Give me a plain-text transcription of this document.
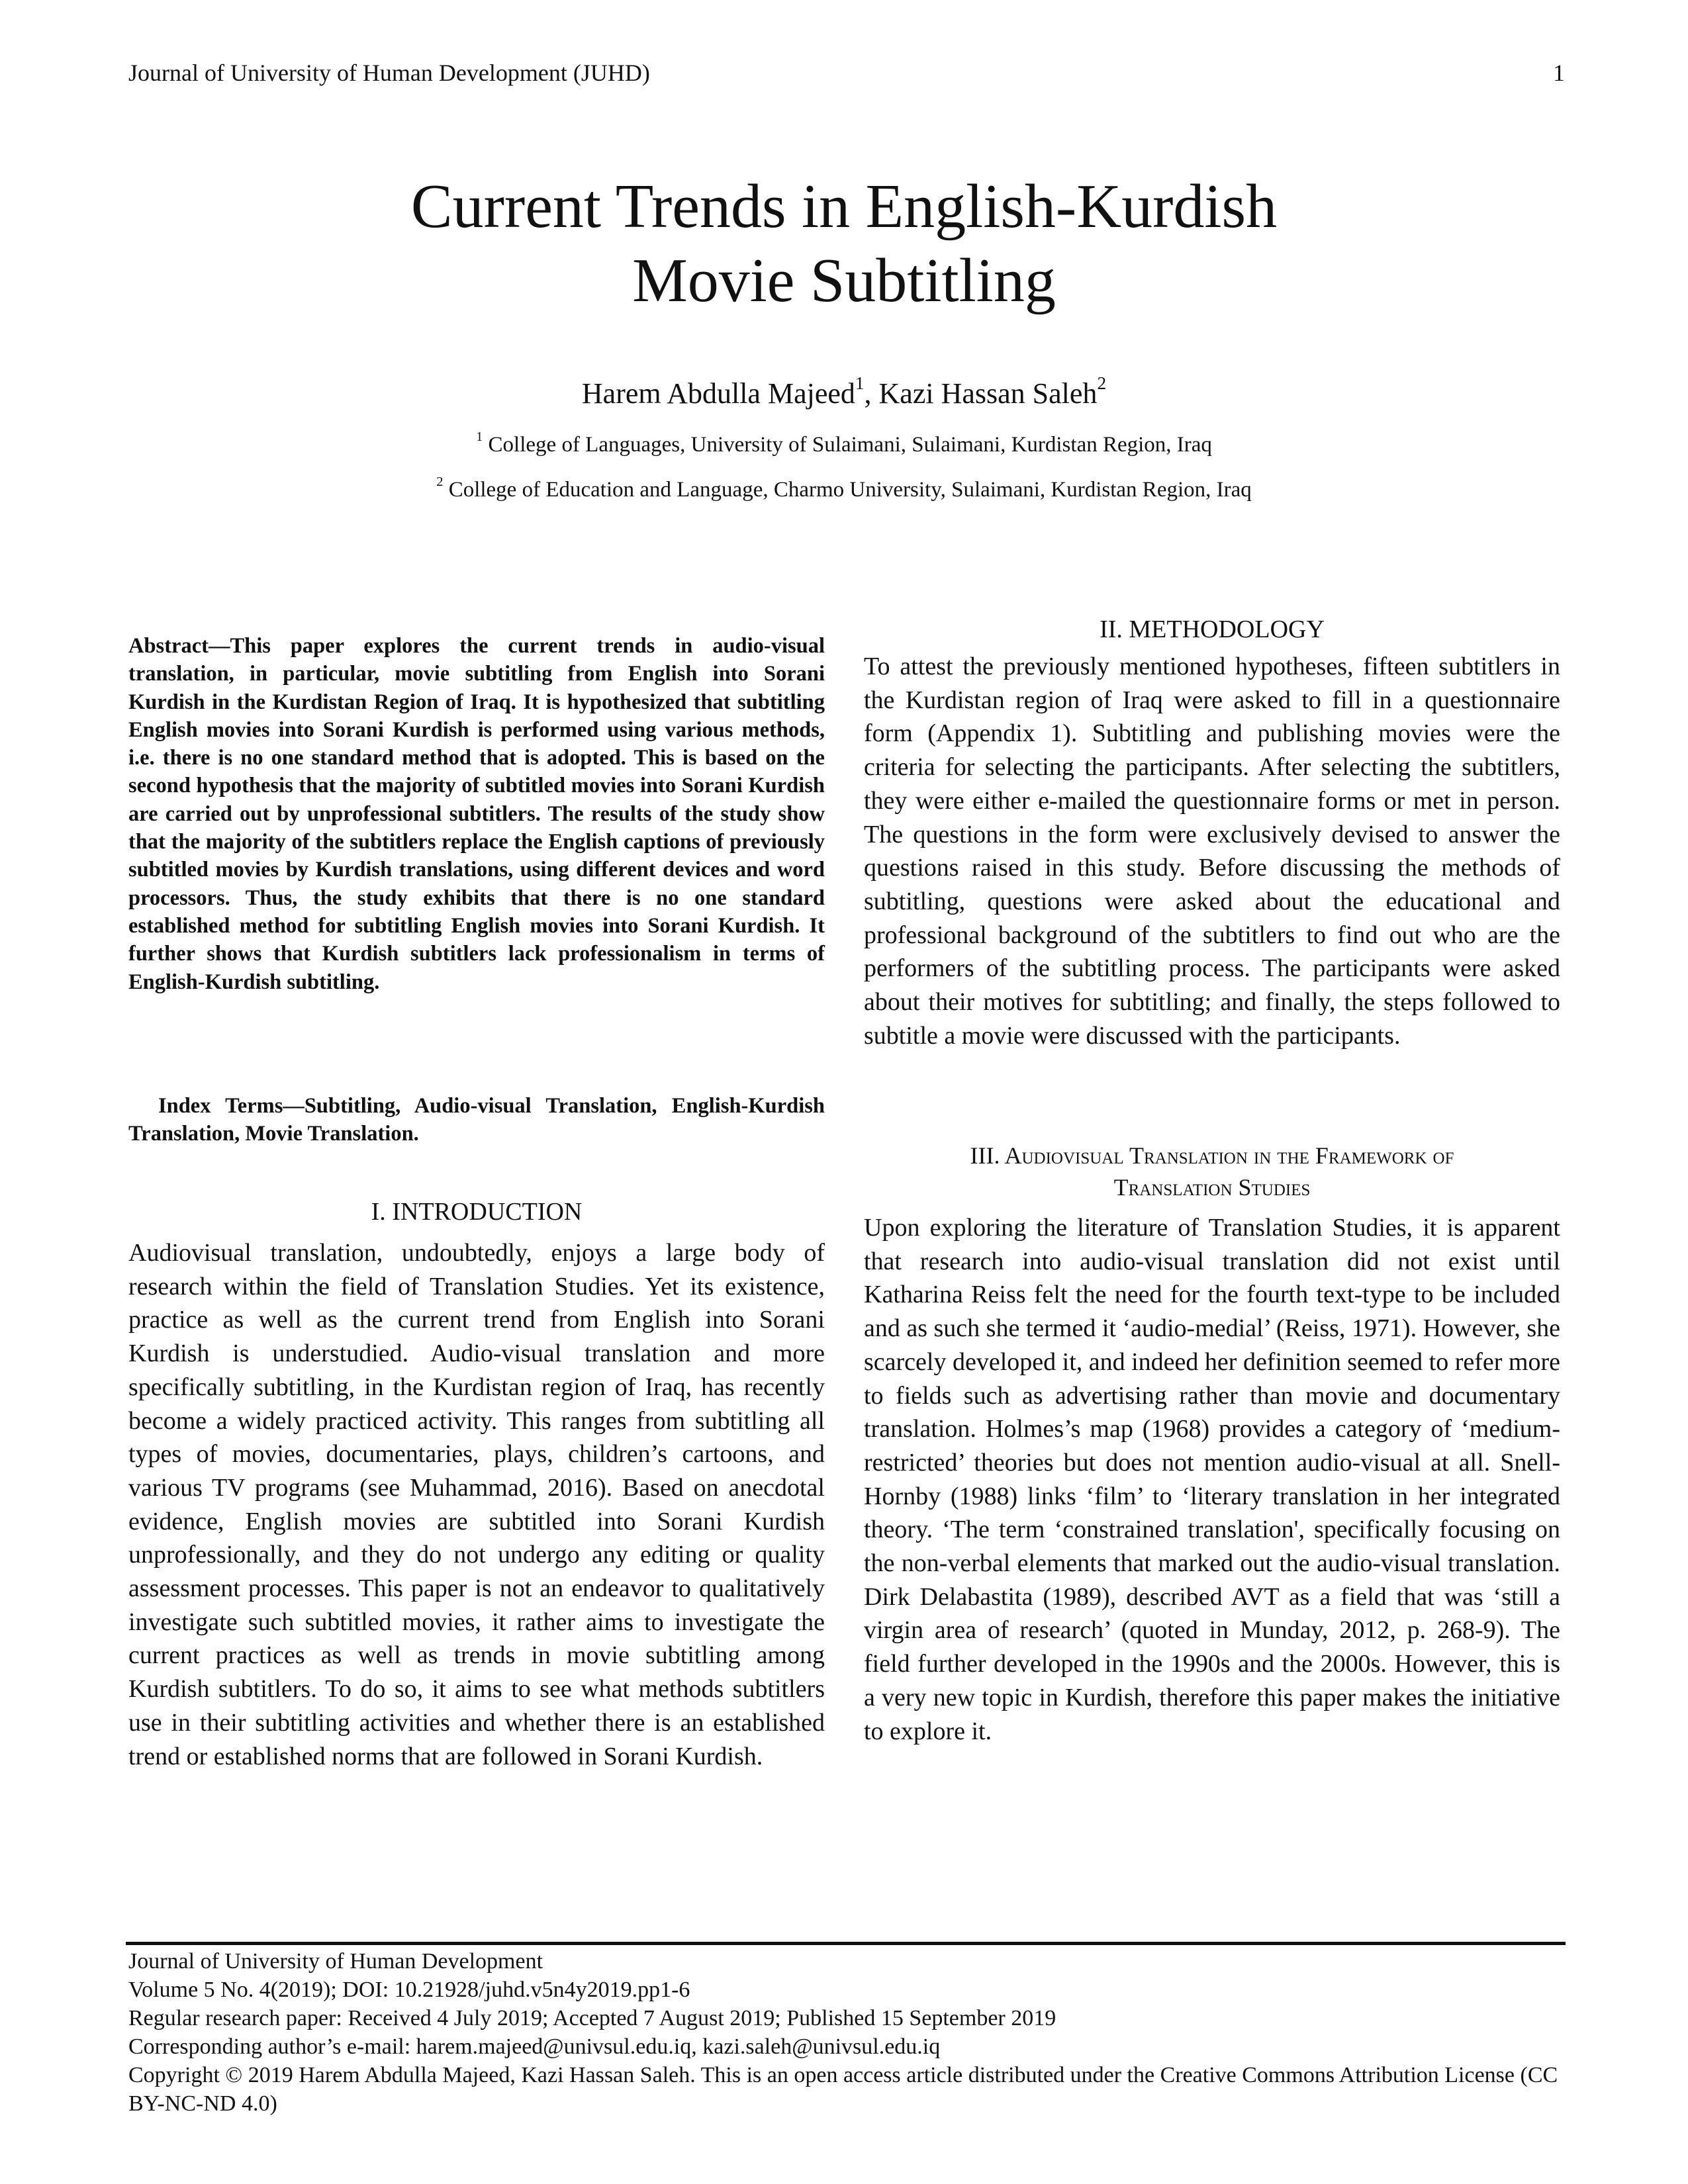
Journal of University of Human Development (JUHD)	1
Current Trends in English-Kurdish
Movie Subtitling
Harem Abdulla Majeed$^1$, Kazi Hassan Saleh$^2$
$^1$ College of Languages, University of Sulaimani, Sulaimani, Kurdistan Region, Iraq
$^2$ College of Education and Language, Charmo University, Sulaimani, Kurdistan Region, Iraq
Abstract—This paper explores the current trends in audio-visual translation, in particular, movie subtitling from English into Sorani Kurdish in the Kurdistan Region of Iraq. It is hypothesized that subtitling English movies into Sorani Kurdish is performed using various methods, i.e. there is no one standard method that is adopted. This is based on the second hypothesis that the majority of subtitled movies into Sorani Kurdish are carried out by unprofessional subtitlers. The results of the study show that the majority of the subtitlers replace the English captions of previously subtitled movies by Kurdish translations, using different devices and word processors. Thus, the study exhibits that there is no one standard established method for subtitling English movies into Sorani Kurdish. It further shows that Kurdish subtitlers lack professionalism in terms of English-Kurdish subtitling.
Index Terms—Subtitling, Audio-visual Translation, English-Kurdish Translation, Movie Translation.
I. INTRODUCTION
Audiovisual translation, undoubtedly, enjoys a large body of research within the field of Translation Studies. Yet its existence, practice as well as the current trend from English into Sorani Kurdish is understudied. Audio-visual translation and more specifically subtitling, in the Kurdistan region of Iraq, has recently become a widely practiced activity. This ranges from subtitling all types of movies, documentaries, plays, children’s cartoons, and various TV programs (see Muhammad, 2016). Based on anecdotal evidence, English movies are subtitled into Sorani Kurdish unprofessionally, and they do not undergo any editing or quality assessment processes. This paper is not an endeavor to qualitatively investigate such subtitled movies, it rather aims to investigate the current practices as well as trends in movie subtitling among Kurdish subtitlers. To do so, it aims to see what methods subtitlers use in their subtitling activities and whether there is an established trend or established norms that are followed in Sorani Kurdish.
II. METHODOLOGY
To attest the previously mentioned hypotheses, fifteen subtitlers in the Kurdistan region of Iraq were asked to fill in a questionnaire form (Appendix 1). Subtitling and publishing movies were the criteria for selecting the participants. After selecting the subtitlers, they were either e-mailed the questionnaire forms or met in person. The questions in the form were exclusively devised to answer the questions raised in this study. Before discussing the methods of subtitling, questions were asked about the educational and professional background of the subtitlers to find out who are the performers of the subtitling process. The participants were asked about their motives for subtitling; and finally, the steps followed to subtitle a movie were discussed with the participants.
III. Audiovisual Translation in the Framework of
Translation Studies
Upon exploring the literature of Translation Studies, it is apparent that research into audio-visual translation did not exist until Katharina Reiss felt the need for the fourth text-type to be included and as such she termed it ‘audio-medial’ (Reiss, 1971). However, she scarcely developed it, and indeed her definition seemed to refer more to fields such as advertising rather than movie and documentary translation. Holmes’s map (1968) provides a category of ‘medium-restricted’ theories but does not mention audio-visual at all. Snell-Hornby (1988) links ‘film’ to ‘literary translation in her integrated theory. ‘The term ‘constrained translation', specifically focusing on the non-verbal elements that marked out the audio-visual translation. Dirk Delabastita (1989), described AVT as a field that was ‘still a virgin area of research’ (quoted in Munday, 2012, p. 268-9). The field further developed in the 1990s and the 2000s. However, this is a very new topic in Kurdish, therefore this paper makes the initiative to explore it.
Journal of University of Human Development
Volume 5 No. 4(2019); DOI: 10.21928/juhd.v5n4y2019.pp1-6
Regular research paper: Received 4 July 2019; Accepted 7 August 2019; Published 15 September 2019
Corresponding author’s e-mail: harem.majeed@univsul.edu.iq, kazi.saleh@univsul.edu.iq
Copyright © 2019 Harem Abdulla Majeed, Kazi Hassan Saleh. This is an open access article distributed under the Creative Commons Attribution License (CC BY-NC-ND 4.0)
